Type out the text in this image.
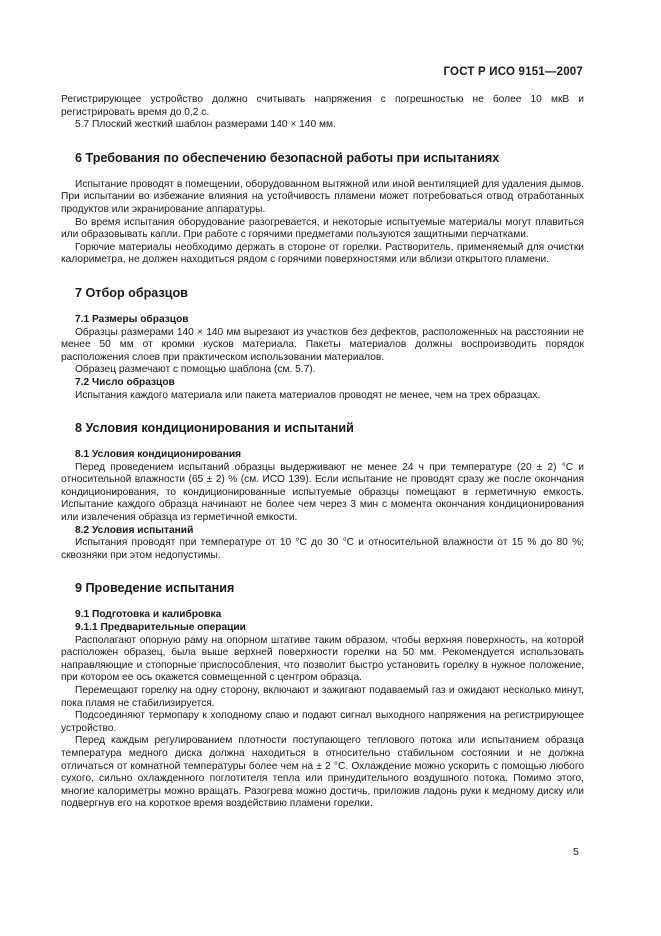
ГОСТ Р ИСО 9151—2007

Регистрирующее устройство должно считывать напряжения с погрешностью не более 10 мкВ и регистрировать время до 0,2 с.

5.7 Плоский жесткий шаблон размерами 140 × 140 мм.

6 Требования по обеспечению безопасной работы при испытаниях

Испытание проводят в помещении, оборудованном вытяжной или иной вентиляцией для удаления дымов. При испытании во избежание влияния на устойчивость пламени может потребоваться отвод отработанных продуктов или экранирование аппаратуры.

Во время испытания оборудование разогревается, и некоторые испытуемые материалы могут плавиться или образовывать капли. При работе с горячими предметами пользуются защитными перчатками.

Горючие материалы необходимо держать в стороне от горелки. Растворитель, применяемый для очистки калориметра, не должен находиться рядом с горячими поверхностями или вблизи открытого пламени.

7 Отбор образцов
7.1 Размеры образцов

Образцы размерами 140 × 140 мм вырезают из участков без дефектов, расположенных на расстоянии не менее 50 мм от кромки кусков материала. Пакеты материалов должны воспроизводить порядок расположения слоев при практическом использовании материалов.

Образец размечают с помощью шаблона (см. 5.7).

7.2 Число образцов

Испытания каждого материала или пакета материалов проводят не менее, чем на трех образцах.

8 Условия кондиционирования и испытаний
8.1 Условия кондиционирования

Перед проведением испытаний образцы выдерживают не менее 24 ч при температуре (20 ± 2) °С и относительной влажности (65 ± 2) % (см. ИСО 139). Если испытание не проводят сразу же после окончания кондиционирования, то кондиционированные испытуемые образцы помещают в герметичную емкость. Испытание каждого образца начинают не более чем через 3 мин с момента окончания кондиционирования или извлечения образца из герметичной емкости.

8.2 Условия испытаний

Испытания проводят при температуре от 10 °С до 30 °С и относительной влажности от 15 % до 80 %; сквозняки при этом недопустимы.

9 Проведение испытания
9.1 Подготовка и калибровка
9.1.1 Предварительные операции

Располагают опорную раму на опорном штативе таким образом, чтобы верхняя поверхность, на которой расположен образец, была выше верхней поверхности горелки на 50 мм. Рекомендуется использовать направляющие и стопорные приспособления, что позволит быстро установить горелку в нужное положение, при котором ее ось окажется совмещенной с центром образца.

Перемещают горелку на одну сторону, включают и зажигают подаваемый газ и ожидают несколько минут, пока пламя не стабилизируется.

Подсоединяют термопару к холодному спаю и подают сигнал выходного напряжения на регистрирующее устройство.

Перед каждым регулированием плотности поступающего теплового потока или испытанием образца температура медного диска должна находиться в относительно стабильном состоянии и не должна отличаться от комнатной температуры более чем на ± 2 °С. Охлаждение можно ускорить с помощью любого сухого, сильно охлажденного поглотителя тепла или принудительного воздушного потока. Помимо этого, многие калориметры можно вращать. Разогрева можно достичь, приложив ладонь руки к медному диску или подвергнув его на короткое время воздействию пламени горелки.

5
